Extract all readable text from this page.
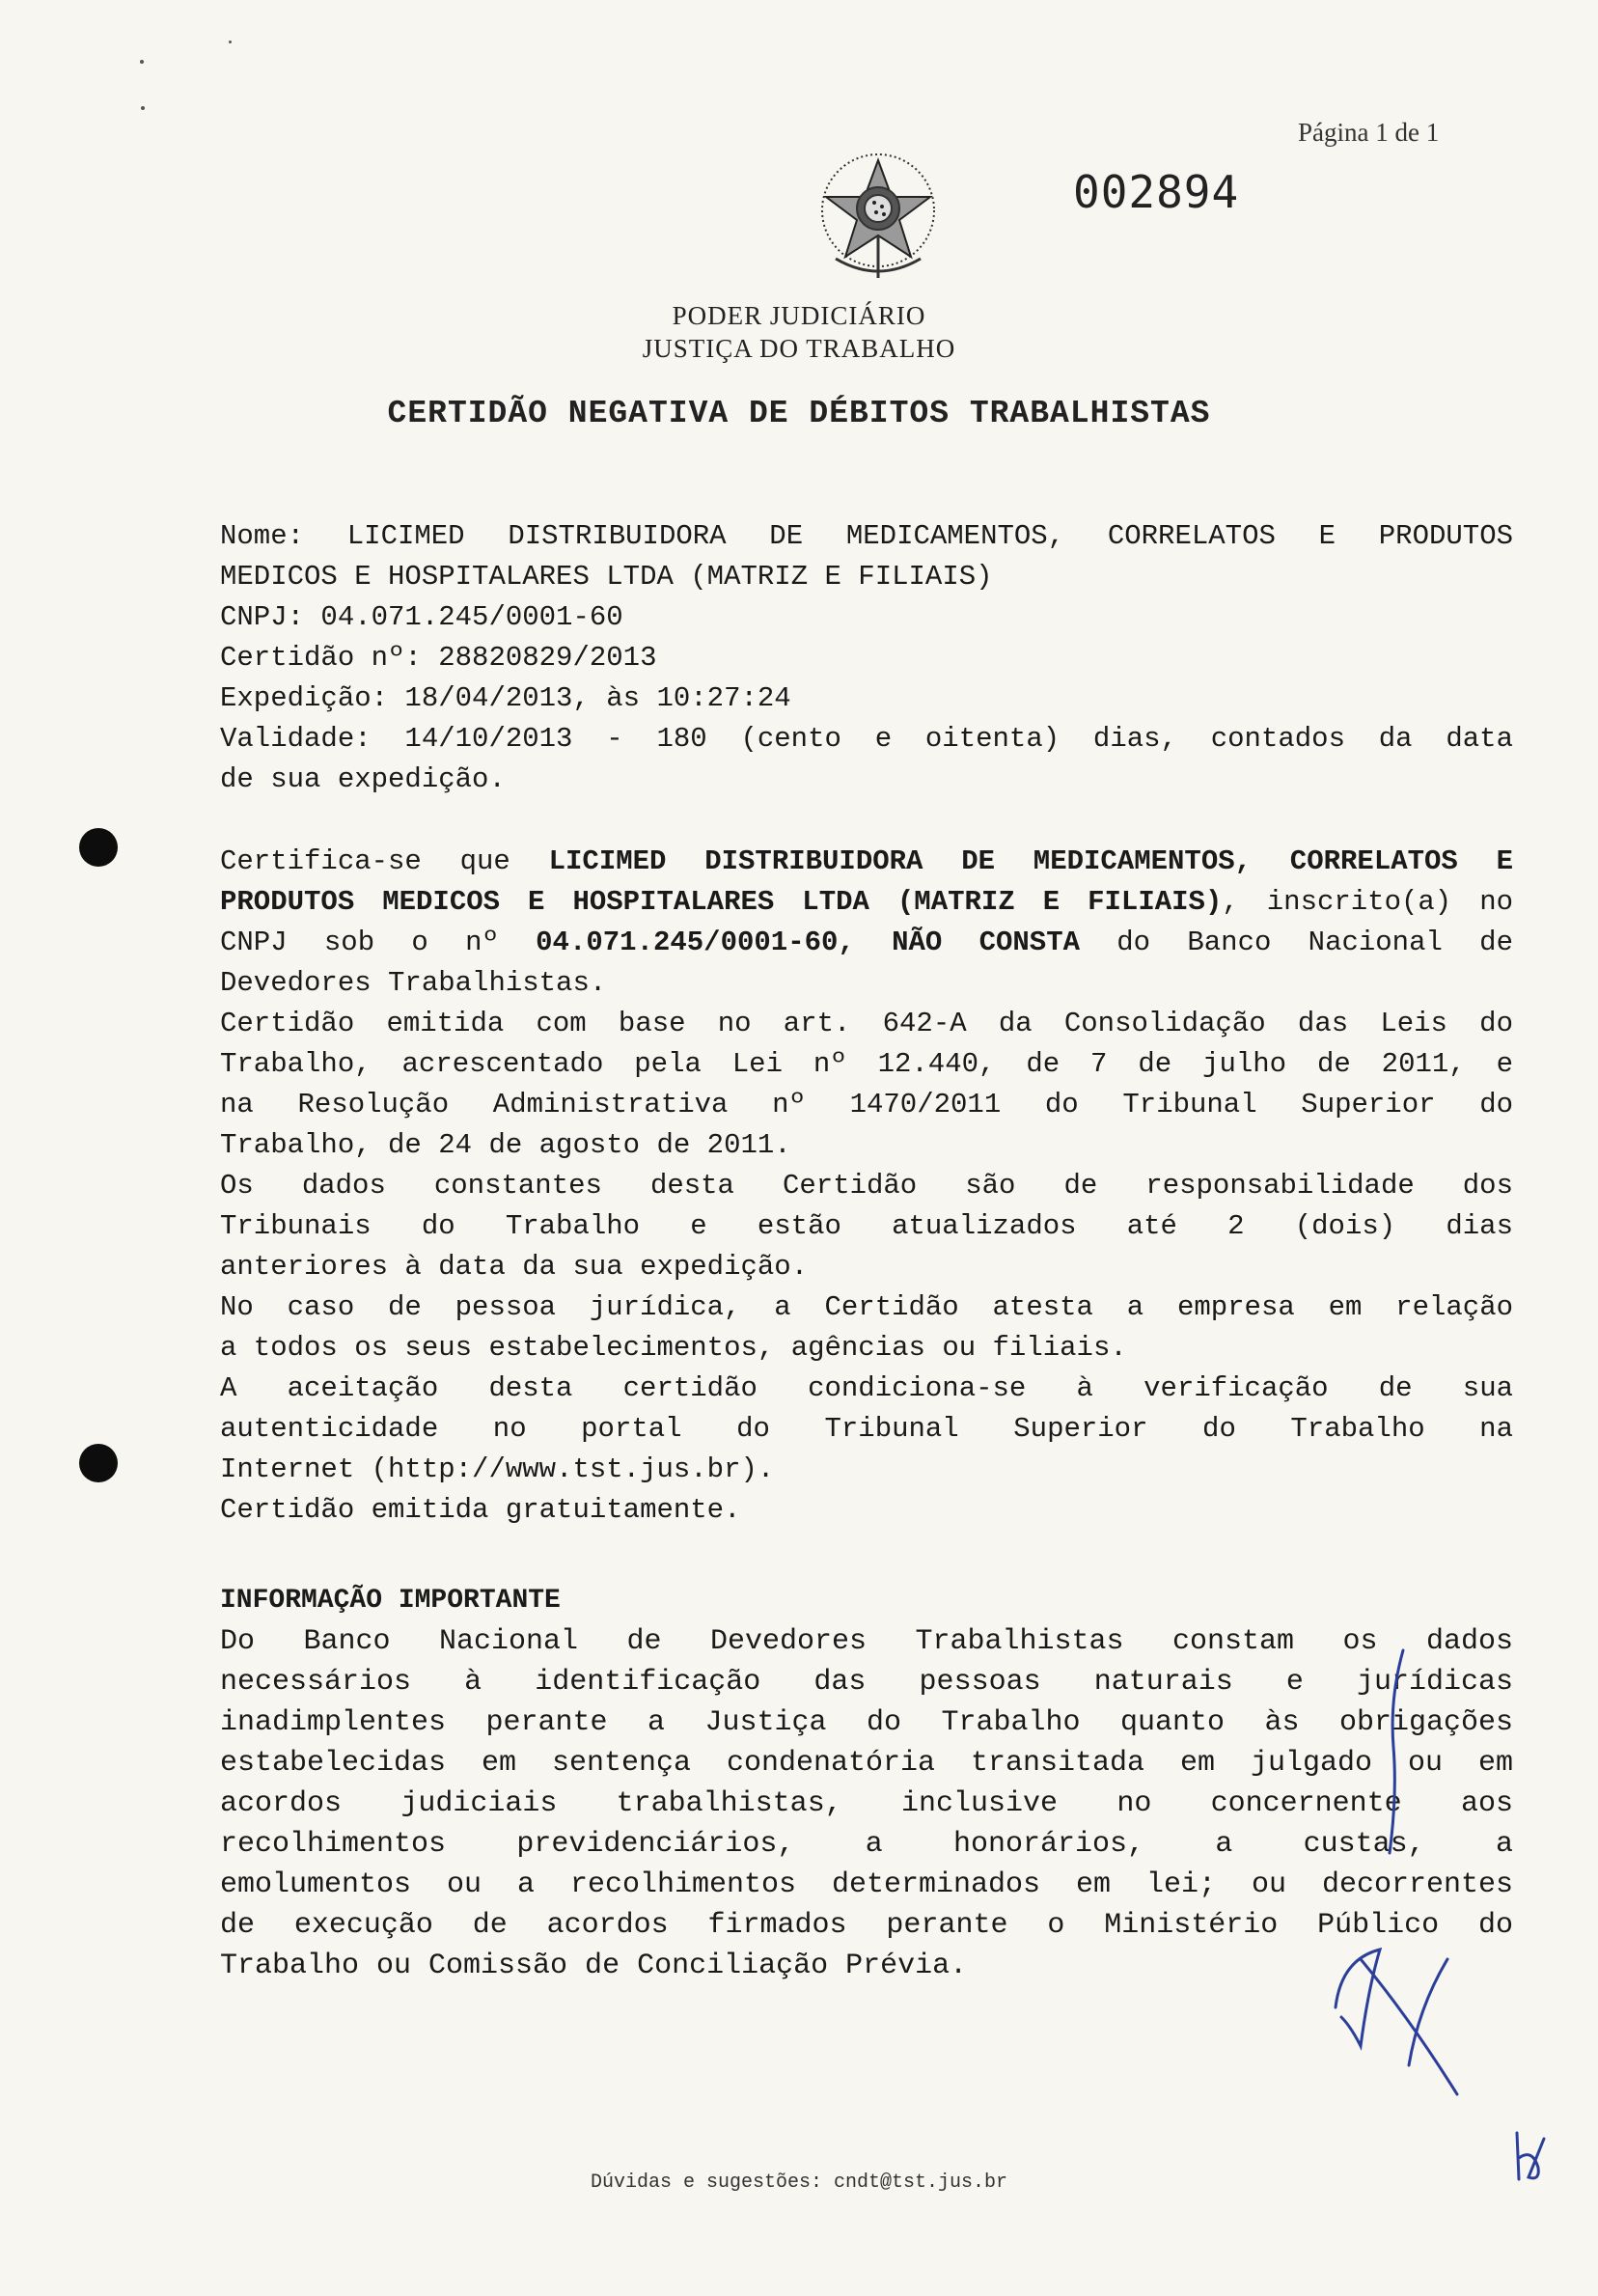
Página 1 de 1
002894
PODER JUDICIÁRIO
JUSTIÇA DO TRABALHO
CERTIDÃO NEGATIVA DE DÉBITOS TRABALHISTAS
Nome: LICIMED DISTRIBUIDORA DE MEDICAMENTOS, CORRELATOS E PRODUTOS
MEDICOS E HOSPITALARES LTDA (MATRIZ E FILIAIS)
CNPJ: 04.071.245/0001-60
Certidão nº: 28820829/2013
Expedição: 18/04/2013, às 10:27:24
Validade: 14/10/2013 - 180 (cento e oitenta) dias, contados da data
de sua expedição.
Certifica-se que LICIMED DISTRIBUIDORA DE MEDICAMENTOS, CORRELATOS E
PRODUTOS MEDICOS E HOSPITALARES LTDA (MATRIZ E FILIAIS), inscrito(a) no
CNPJ sob o nº 04.071.245/0001-60, NÃO CONSTA do Banco Nacional de
Devedores Trabalhistas.
Certidão emitida com base no art. 642-A da Consolidação das Leis do
Trabalho, acrescentado pela Lei nº 12.440, de 7 de julho de 2011, e
na Resolução Administrativa nº 1470/2011 do Tribunal Superior do
Trabalho, de 24 de agosto de 2011.
Os dados constantes desta Certidão são de responsabilidade dos
Tribunais do Trabalho e estão atualizados até 2 (dois) dias
anteriores à data da sua expedição.
No caso de pessoa jurídica, a Certidão atesta a empresa em relação
a todos os seus estabelecimentos, agências ou filiais.
A aceitação desta certidão condiciona-se à verificação de sua
autenticidade no portal do Tribunal Superior do Trabalho na
Internet (http://www.tst.jus.br).
Certidão emitida gratuitamente.
INFORMAÇÃO IMPORTANTE
Do Banco Nacional de Devedores Trabalhistas constam os dados
necessários à identificação das pessoas naturais e jurídicas
inadimplentes perante a Justiça do Trabalho quanto às obrigações
estabelecidas em sentença condenatória transitada em julgado ou em
acordos judiciais trabalhistas, inclusive no concernente aos
recolhimentos previdenciários, a honorários, a custas, a
emolumentos ou a recolhimentos determinados em lei; ou decorrentes
de execução de acordos firmados perante o Ministério Público do
Trabalho ou Comissão de Conciliação Prévia.
Dúvidas e sugestões: cndt@tst.jus.br
